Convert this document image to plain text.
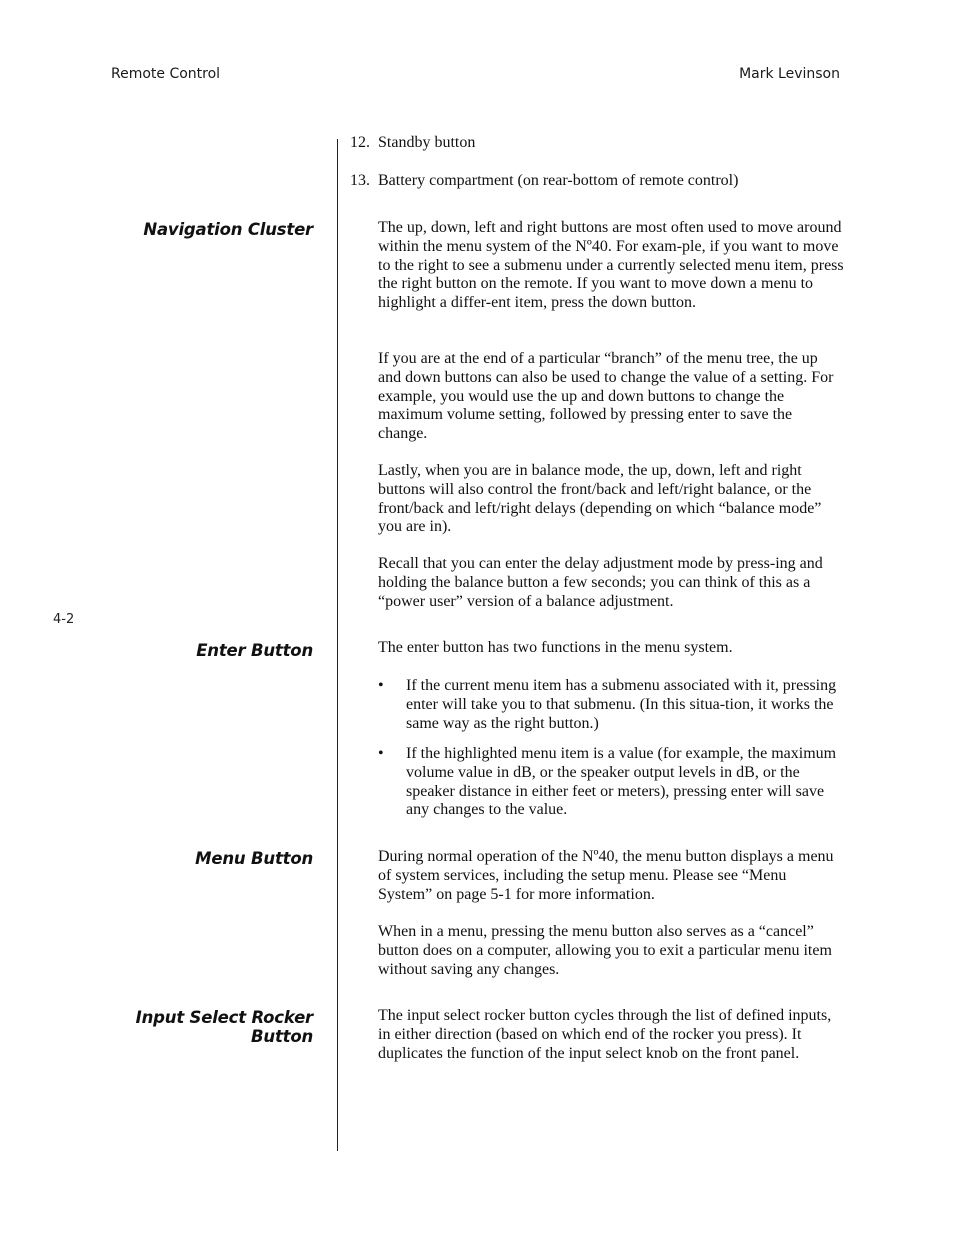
Remote Control	Mark Levinson
12. Standby button
13. Battery compartment (on rear-bottom of remote control)
Navigation Cluster	The up, down, left and right buttons are most often used to move around within the menu system of the Nº40. For exam-ple, if you want to move to the right to see a submenu under a currently selected menu item, press the right button on the remote. If you want to move down a menu to highlight a differ-ent item, press the down button.
If you are at the end of a particular “branch” of the menu tree, the up and down buttons can also be used to change the value of a setting. For example, you would use the up and down buttons to change the maximum volume setting, followed by pressing enter to save the change.
Lastly, when you are in balance mode, the up, down, left and right buttons will also control the front/back and left/right balance, or the front/back and left/right delays (depending on which “balance mode” you are in).
Recall that you can enter the delay adjustment mode by press-ing and holding the balance button a few seconds; you can think of this as a “power user” version of a balance adjustment.
4-2
Enter Button	The enter button has two functions in the menu system.
• If the current menu item has a submenu associated with it, pressing enter will take you to that submenu. (In this situa-tion, it works the same way as the right button.)
• If the highlighted menu item is a value (for example, the maximum volume value in dB, or the speaker output levels in dB, or the speaker distance in either feet or meters), pressing enter will save any changes to the value.
Menu Button	During normal operation of the Nº40, the menu button displays a menu of system services, including the setup menu. Please see “Menu System” on page 5-1 for more information.
When in a menu, pressing the menu button also serves as a “cancel” button does on a computer, allowing you to exit a particular menu item without saving any changes.
Input Select Rocker
Button
The input select rocker button cycles through the list of defined inputs, in either direction (based on which end of the rocker you press). It duplicates the function of the input select knob on the front panel.
